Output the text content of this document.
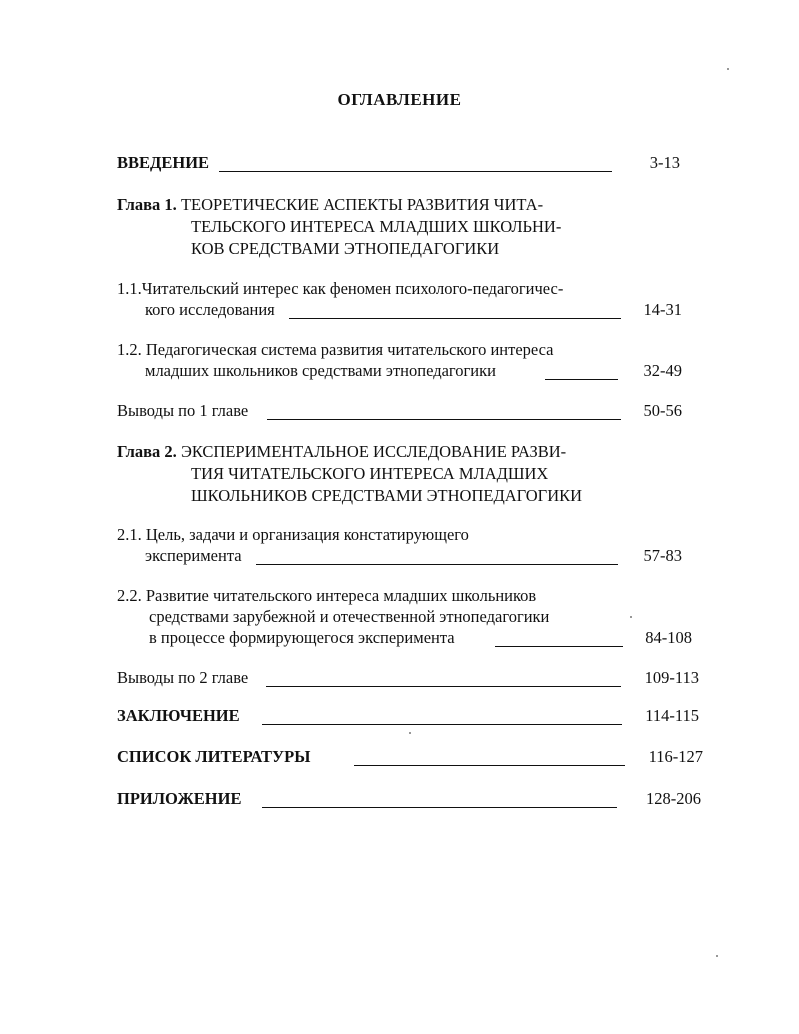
ОГЛАВЛЕНИЕ
ВВЕДЕНИЕ	3-13
Глава 1. ТЕОРЕТИЧЕСКИЕ АСПЕКТЫ РАЗВИТИЯ ЧИТА-
ТЕЛЬСКОГО ИНТЕРЕСА МЛАДШИХ ШКОЛЬНИ-
КОВ СРЕДСТВАМИ ЭТНОПЕДАГОГИКИ
1.1.Читательский интерес как феномен психолого-педагогичес-
кого исследования	14-31
1.2. Педагогическая система развития читательского интереса
младших школьников средствами этнопедагогики	32-49
Выводы по 1 главе	50-56
Глава 2. ЭКСПЕРИМЕНТАЛЬНОЕ ИССЛЕДОВАНИЕ РАЗВИ-
ТИЯ ЧИТАТЕЛЬСКОГО ИНТЕРЕСА МЛАДШИХ
ШКОЛЬНИКОВ СРЕДСТВАМИ ЭТНОПЕДАГОГИКИ
2.1. Цель, задачи и организация констатирующего
эксперимента	57-83
2.2. Развитие читательского интереса младших школьников
средствами зарубежной и отечественной этнопедагогики
в процессе формирующегося эксперимента	84-108
Выводы по 2 главе	109-113
ЗАКЛЮЧЕНИЕ	114-115
СПИСОК ЛИТЕРАТУРЫ	116-127
ПРИЛОЖЕНИЕ	128-206
